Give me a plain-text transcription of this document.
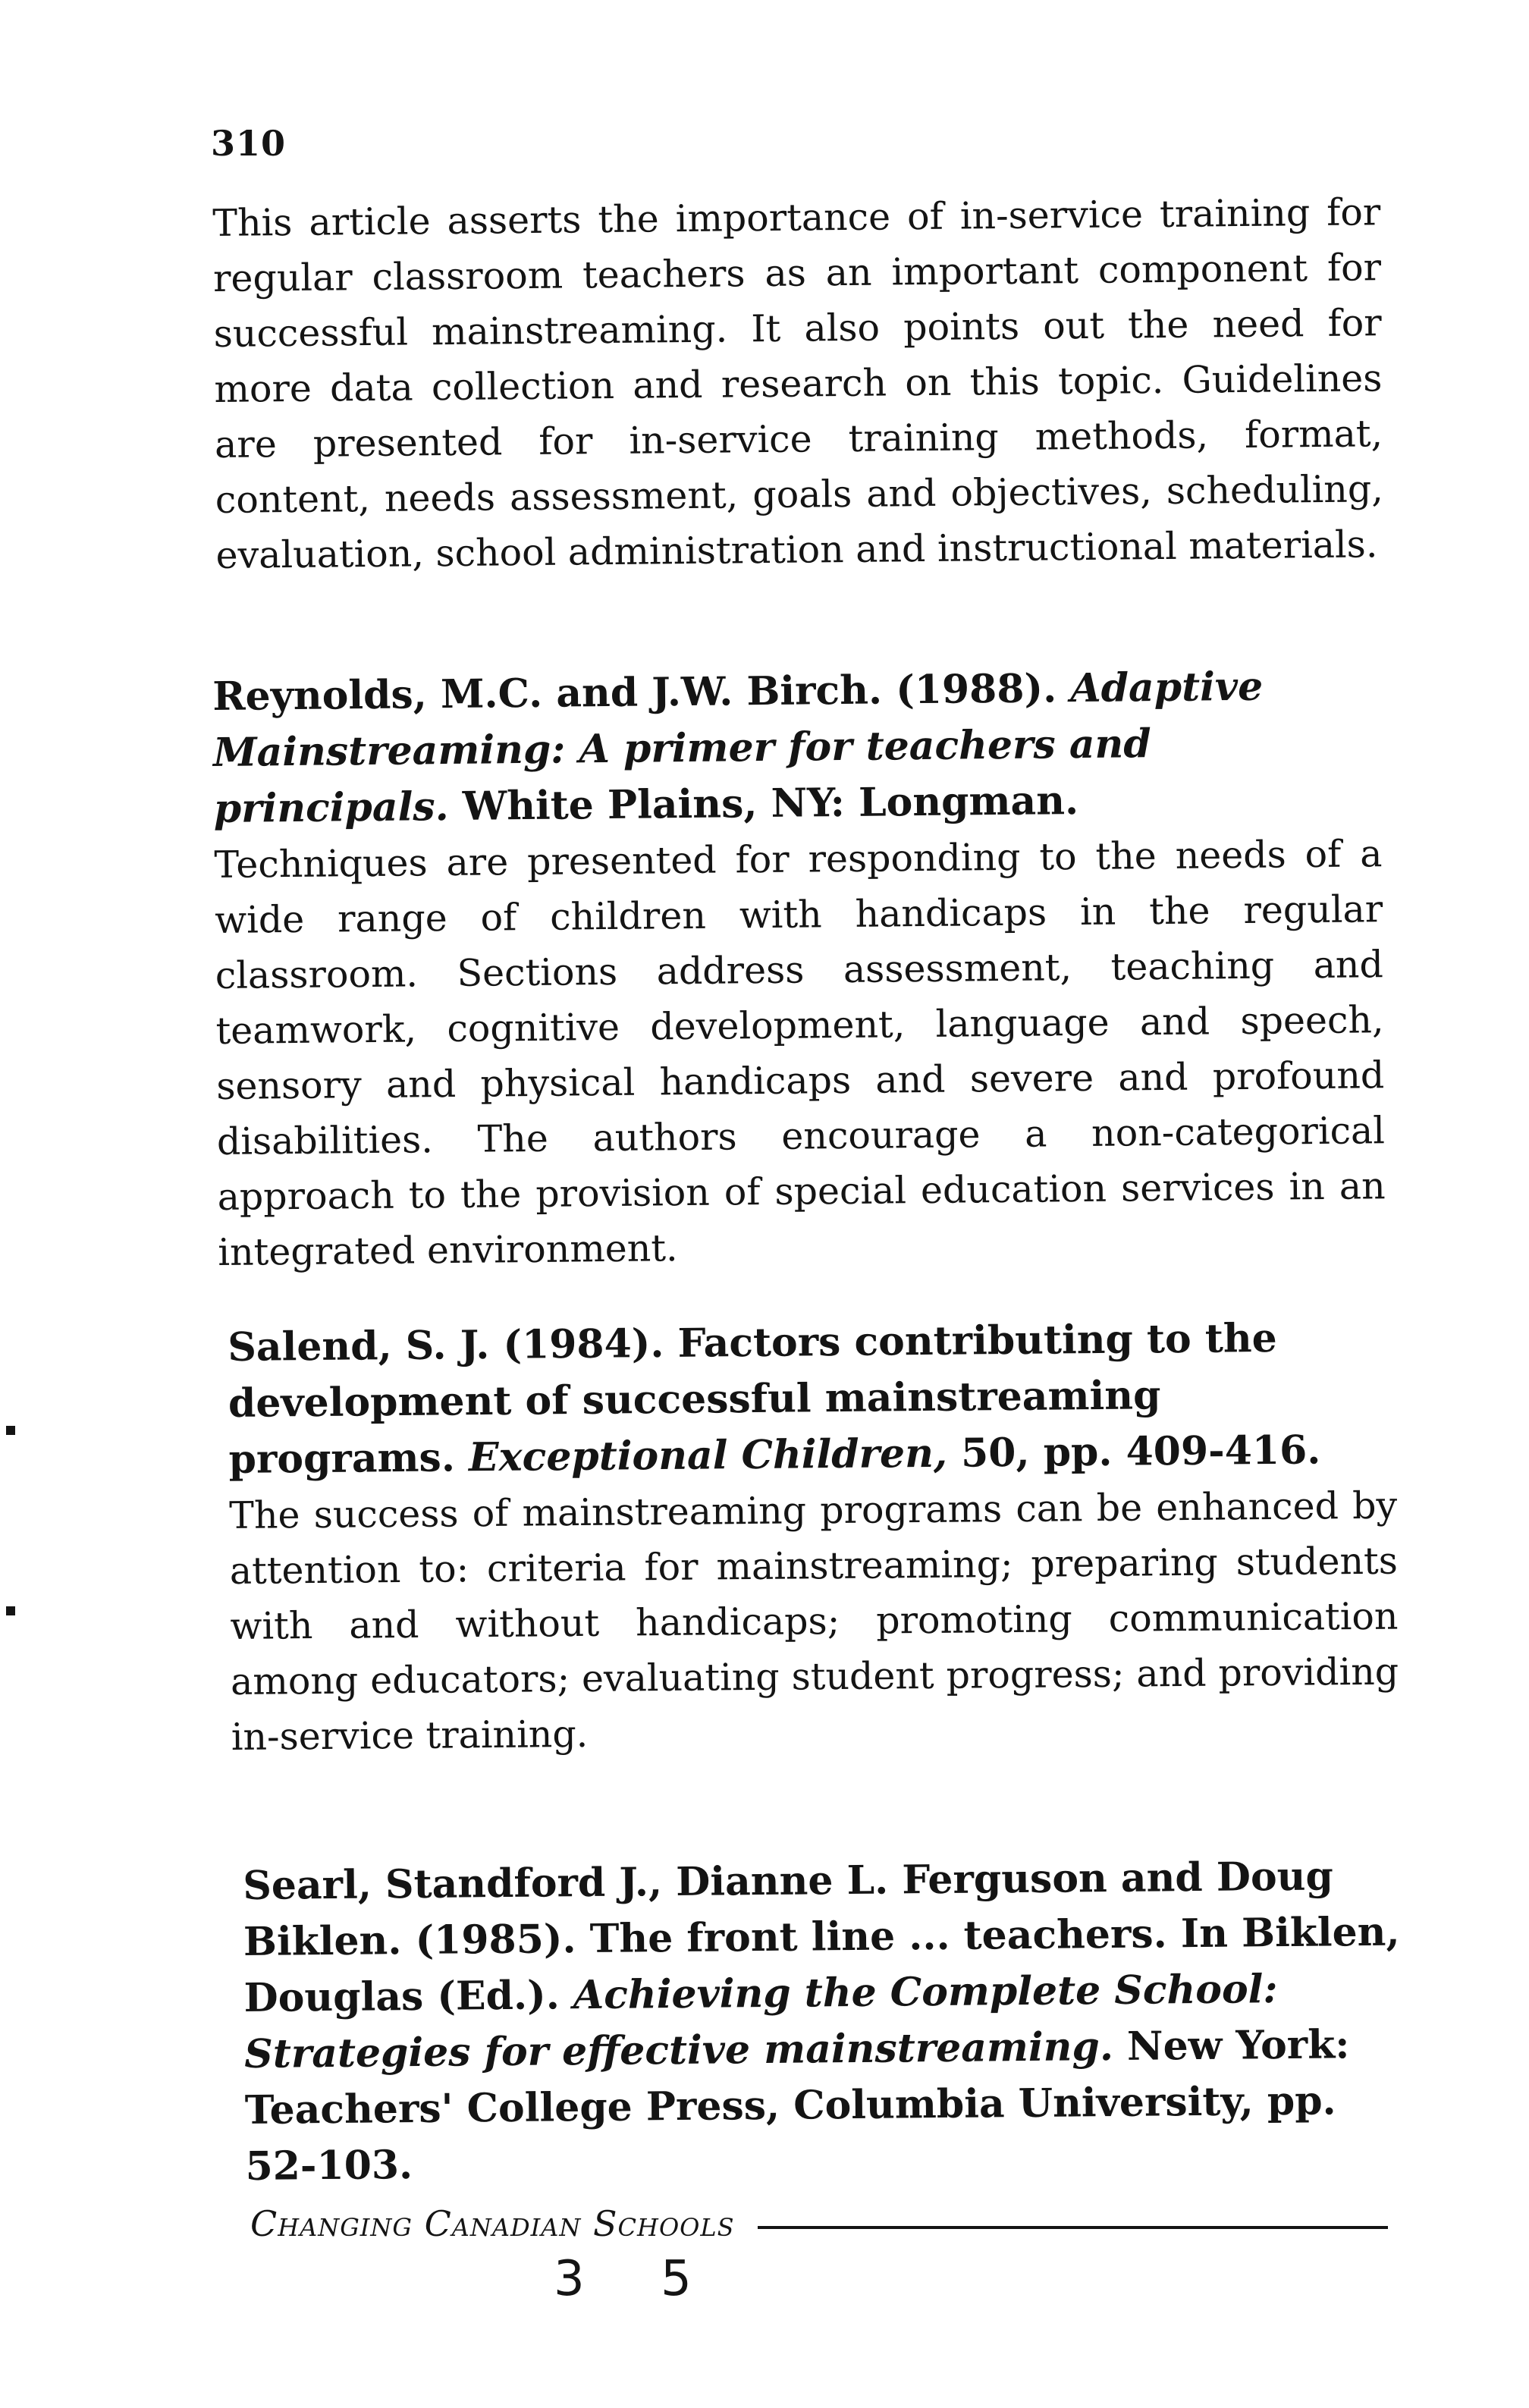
310

This article asserts the importance of in-service training for regular classroom teachers as an important component for successful mainstreaming. It also points out the need for more data collection and research on this topic. Guidelines are presented for in-service training methods, format, content, needs assessment, goals and objectives, scheduling, evaluation, school administration and instructional materials.

Reynolds, M.C. and J.W. Birch. (1988). Adaptive Mainstreaming: A primer for teachers and principals. White Plains, NY: Longman.

Techniques are presented for responding to the needs of a wide range of children with handicaps in the regular classroom. Sections address assessment, teaching and teamwork, cognitive development, language and speech, sensory and physical handicaps and severe and profound disabilities. The authors encourage a non-categorical approach to the provision of special education services in an integrated environment.

Salend, S. J. (1984). Factors contributing to the development of successful mainstreaming programs. Exceptional Children, 50, pp. 409-416.

The success of mainstreaming programs can be enhanced by attention to: criteria for mainstreaming; preparing students with and without handicaps; promoting communication among educators; evaluating student progress; and providing in-service training.

Searl, Standford J., Dianne L. Ferguson and Doug Biklen. (1985). The front line ... teachers. In Biklen, Douglas (Ed.). Achieving the Complete School: Strategies for effective mainstreaming. New York: Teachers' College Press, Columbia University, pp. 52-103.

Changing Canadian Schools
3 5
